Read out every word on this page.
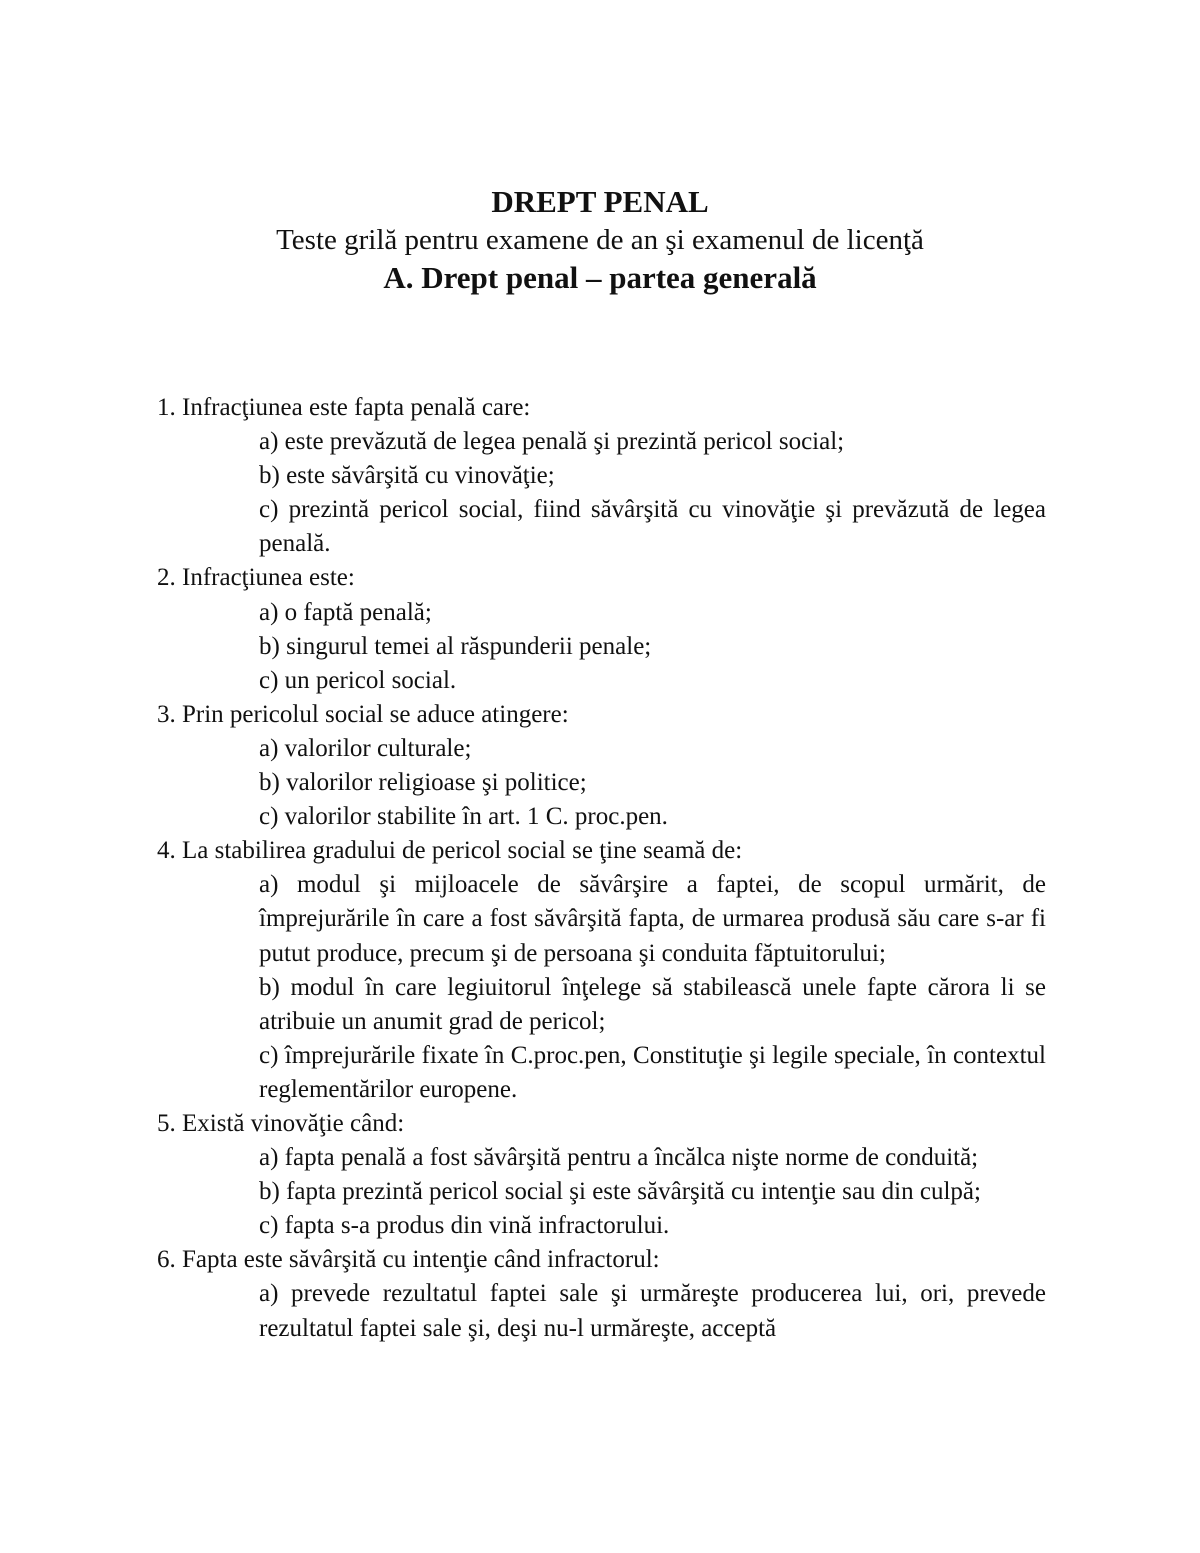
DREPT PENAL
Teste grilă pentru examene de an şi examenul de licenţă
A. Drept penal – partea generală
1. Infracţiunea este fapta penală care:
a) este prevăzută de legea penală şi prezintă pericol social;
b) este săvârşită cu vinovăţie;
c) prezintă pericol social, fiind săvârşită cu vinovăţie şi prevăzută de legea penală.
2. Infracţiunea este:
a) o faptă penală;
b) singurul temei al răspunderii penale;
c) un pericol social.
3. Prin pericolul social se aduce atingere:
a) valorilor culturale;
b) valorilor religioase şi politice;
c) valorilor stabilite în art. 1 C. proc.pen.
4. La stabilirea gradului de pericol social se ţine seamă de:
a) modul şi mijloacele de săvârşire a faptei, de scopul urmărit, de împrejurările în care a fost săvârşită fapta, de urmarea produsă său care s-ar fi putut produce, precum şi de persoana şi conduita făptuitorului;
b) modul în care legiuitorul înţelege să stabilească unele fapte cărora li se atribuie un anumit grad de pericol;
c) împrejurările fixate în C.proc.pen, Constituţie şi legile speciale, în contextul reglementărilor europene.
5. Există vinovăţie când:
a) fapta penală a fost săvârşită pentru a încălca nişte norme de conduită;
b) fapta prezintă pericol social şi este săvârşită cu intenţie sau din culpă;
c) fapta s-a produs din vină infractorului.
6. Fapta este săvârşită cu intenţie când infractorul:
a) prevede rezultatul faptei sale şi urmăreşte producerea lui, ori, prevede rezultatul faptei sale şi, deşi nu-l urmăreşte, acceptă
